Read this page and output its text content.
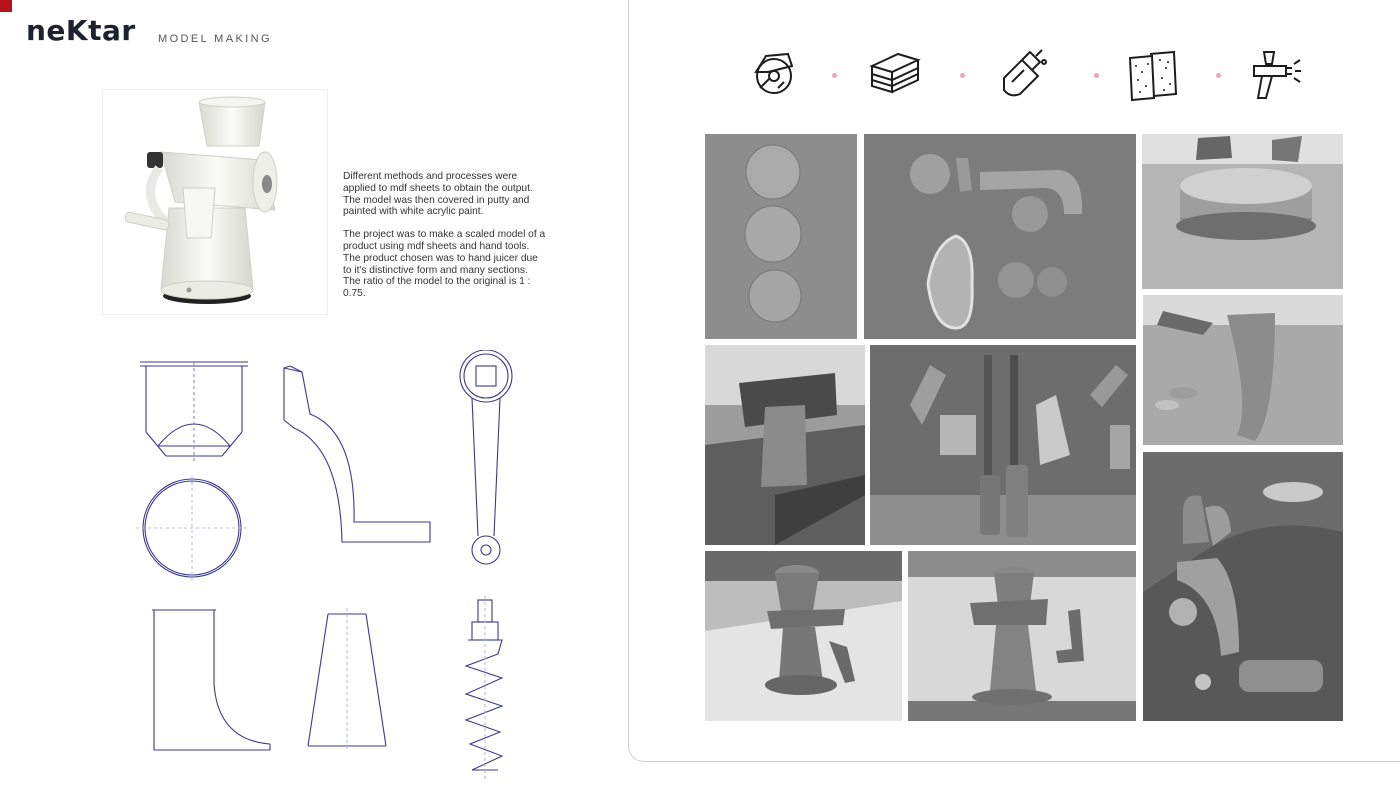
neKtar MODEL MAKING

Different methods and processes were applied to mdf sheets to obtain the output. The model was then covered in putty and painted with white acrylic paint.

The project was to make a scaled model of a product using mdf sheets and hand tools. The product chosen was to hand juicer due to it's distinctive form and many sections. The ratio of the model to the original is 1 : 0.75.
